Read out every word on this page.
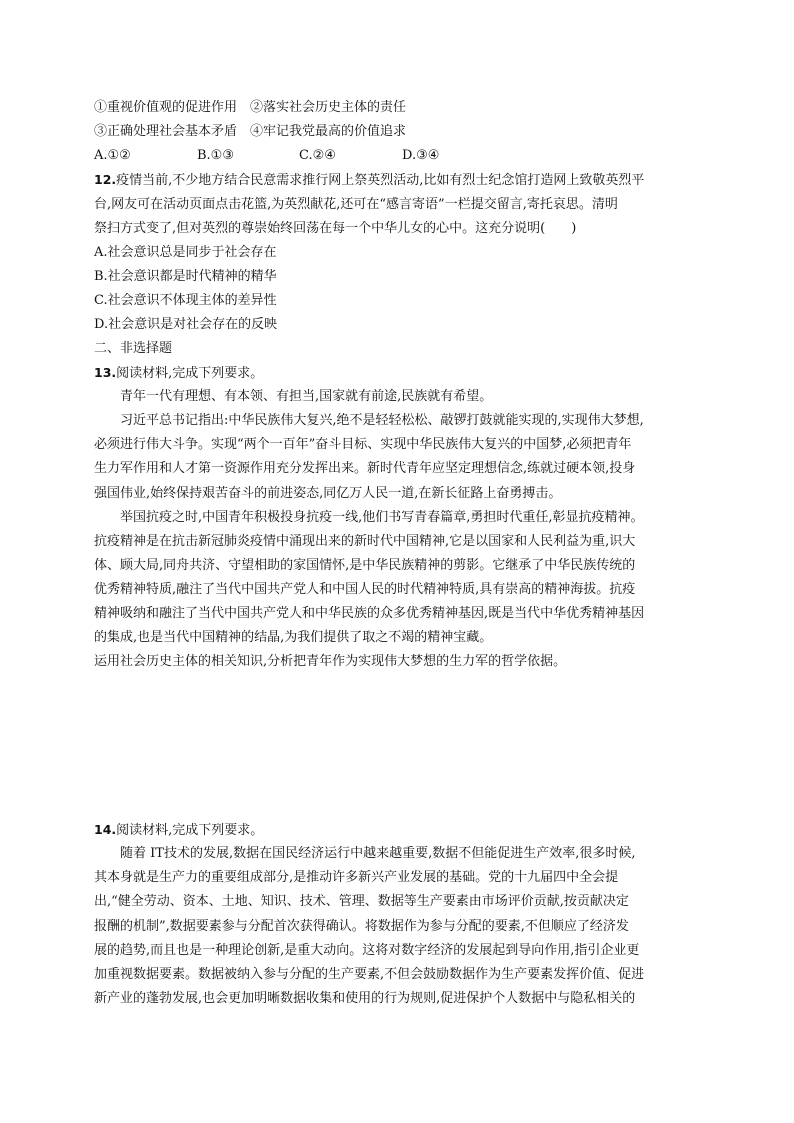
①重视价值观的促进作用　②落实社会历史主体的责任
③正确处理社会基本矛盾　④牢记我党最高的价值追求
A.①②	B.①③	C.②④	D.③④
12.疫情当前,不少地方结合民意需求推行网上祭英烈活动,比如有烈士纪念馆打造网上致敬英烈平
台,网友可在活动页面点击花篮,为英烈献花,还可在“感言寄语”一栏提交留言,寄托哀思。清明
祭扫方式变了,但对英烈的尊崇始终回荡在每一个中华儿女的心中。这充分说明(　　)
A.社会意识总是同步于社会存在
B.社会意识都是时代精神的精华
C.社会意识不体现主体的差异性
D.社会意识是对社会存在的反映
二、非选择题
13.阅读材料,完成下列要求。
青年一代有理想、有本领、有担当,国家就有前途,民族就有希望。
习近平总书记指出:中华民族伟大复兴,绝不是轻轻松松、敲锣打鼓就能实现的,实现伟大梦想,
必须进行伟大斗争。实现“两个一百年”奋斗目标、实现中华民族伟大复兴的中国梦,必须把青年
生力军作用和人才第一资源作用充分发挥出来。新时代青年应坚定理想信念,练就过硬本领,投身
强国伟业,始终保持艰苦奋斗的前进姿态,同亿万人民一道,在新长征路上奋勇搏击。
举国抗疫之时,中国青年积极投身抗疫一线,他们书写青春篇章,勇担时代重任,彰显抗疫精神。
抗疫精神是在抗击新冠肺炎疫情中涌现出来的新时代中国精神,它是以国家和人民利益为重,识大
体、顾大局,同舟共济、守望相助的家国情怀,是中华民族精神的剪影。它继承了中华民族传统的
优秀精神特质,融注了当代中国共产党人和中国人民的时代精神特质,具有崇高的精神海拔。抗疫
精神吸纳和融注了当代中国共产党人和中华民族的众多优秀精神基因,既是当代中华优秀精神基因
的集成,也是当代中国精神的结晶,为我们提供了取之不竭的精神宝藏。
运用社会历史主体的相关知识,分析把青年作为实现伟大梦想的生力军的哲学依据。
14.阅读材料,完成下列要求。
随着 IT技术的发展,数据在国民经济运行中越来越重要,数据不但能促进生产效率,很多时候,
其本身就是生产力的重要组成部分,是推动许多新兴产业发展的基础。党的十九届四中全会提
出,“健全劳动、资本、土地、知识、技术、管理、数据等生产要素由市场评价贡献,按贡献决定
报酬的机制”,数据要素参与分配首次获得确认。将数据作为参与分配的要素,不但顺应了经济发
展的趋势,而且也是一种理论创新,是重大动向。这将对数字经济的发展起到导向作用,指引企业更
加重视数据要素。数据被纳入参与分配的生产要素,不但会鼓励数据作为生产要素发挥价值、促进
新产业的蓬勃发展,也会更加明晰数据收集和使用的行为规则,促进保护个人数据中与隐私相关的
